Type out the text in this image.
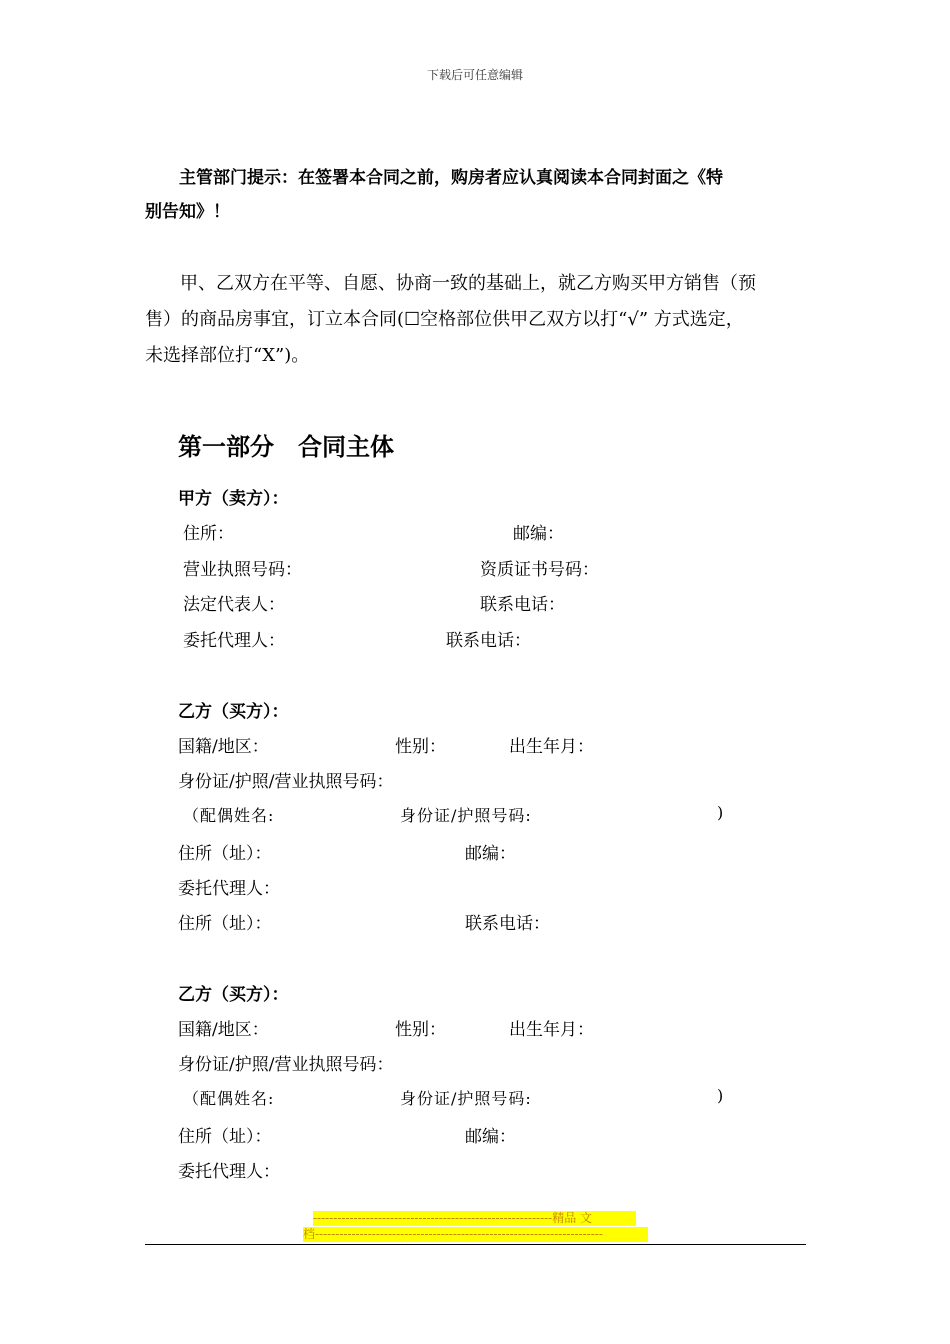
下载后可任意编辑
主管部门提示：在签署本合同之前，购房者应认真阅读本合同封面之《特
别告知》！
甲、乙双方在平等、自愿、协商一致的基础上，就乙方购买甲方销售（预
售）的商品房事宜，订立本合同(☐空格部位供甲乙双方以打“√” 方式选定，
未选择部位打“X”)。
第一部分　合同主体
甲方（卖方）：
住所：	邮编：
营业执照号码：	资质证书号码：
法定代表人：	联系电话：
委托代理人：	联系电话：
乙方（买方）：
国籍/地区：	性别：	出生年月：
身份证/护照/营业执照号码：
（配偶姓名:	身份证/护照号码:	)
住所（址）：	邮编：
委托代理人：
住所（址）：	联系电话：
乙方（买方）：
国籍/地区：	性别：	出生年月：
身份证/护照/营业执照号码：
（配偶姓名:	身份证/护照号码:	)
住所（址）：	邮编：
委托代理人：
-----------------------------------------------------------精品 文
档-----------------------------------------------------------------------
